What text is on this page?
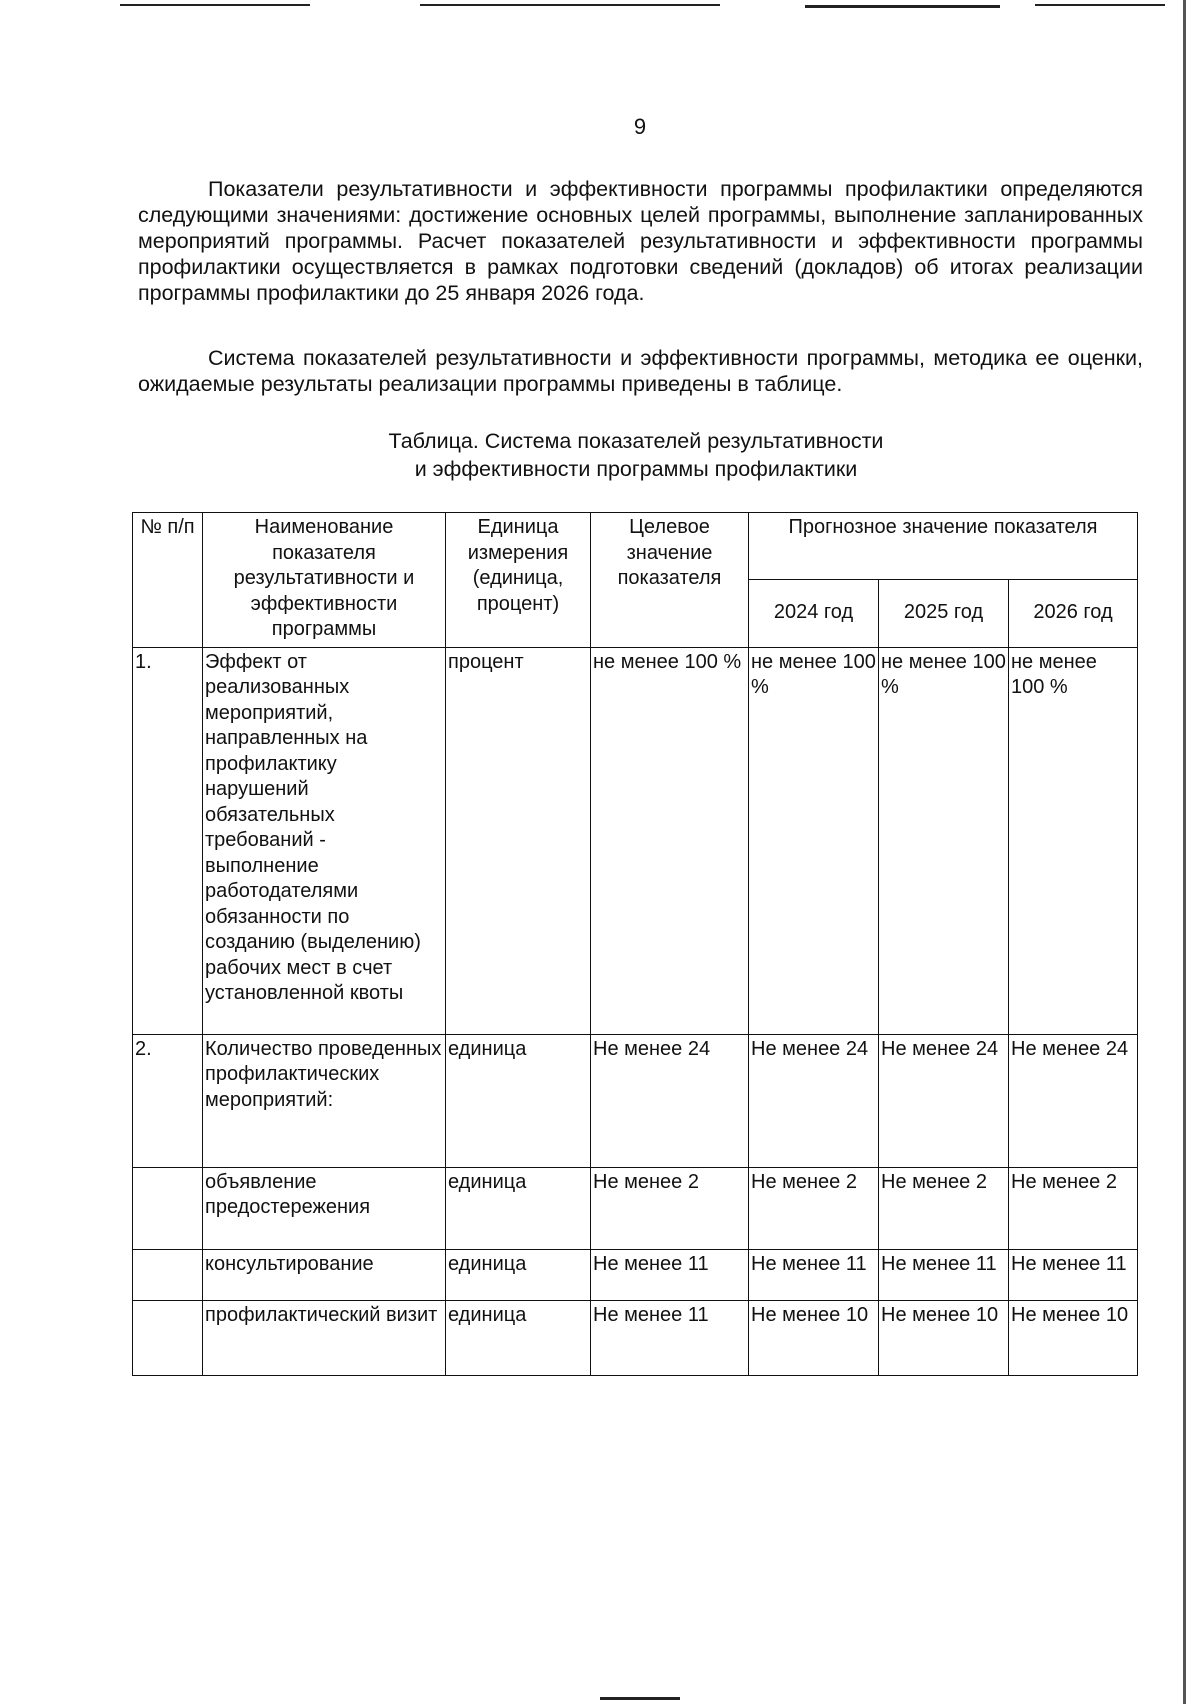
9
Показатели результативности и эффективности программы профилактики определяются следующими значениями: достижение основных целей программы, выполнение запланированных мероприятий программы. Расчет показателей результативности и эффективности программы профилактики осуществляется в рамках подготовки сведений (докладов) об итогах реализации программы профилактики до 25 января 2026 года.
Система показателей результативности и эффективности программы, методика ее оценки, ожидаемые результаты реализации программы приведены в таблице.
Таблица. Система показателей результативности
и эффективности программы профилактики
№ п/п	Наименование показателя результативности и эффективности программы	Единица измерения (единица, процент)	Целевое значение показателя	Прогнозное значение показателя		
				2024 год	2025 год	2026 год
1.	Эффект от реализованных мероприятий, направленных на профилактику нарушений обязательных требований - выполнение работодателями обязанности по созданию (выделению) рабочих мест в счет установленной квоты	процент	не менее 100 %	не менее 100 %	не менее 100 %	не менее 100 %
2.	Количество проведенных профилактических мероприятий:	единица	Не менее 24	Не менее 24	Не менее 24	Не менее 24
	объявление предостережения	единица	Не менее 2	Не менее 2	Не менее 2	Не менее 2
	консультирование	единица	Не менее 11	Не менее 11	Не менее 11	Не менее 11
	профилактический визит	единица	Не менее 11	Не менее 10	Не менее 10	Не менее 10
